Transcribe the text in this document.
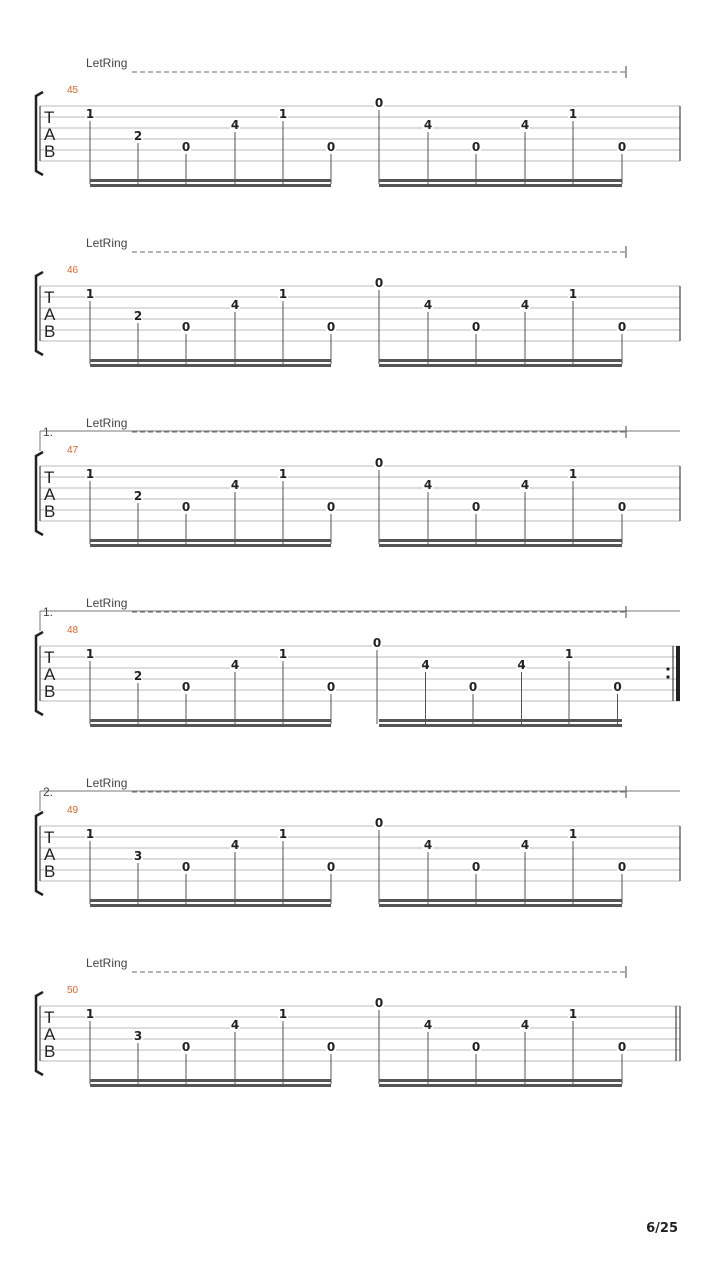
LetRing
45
T
A
B
1
2
0
4
1
0
0
4
0
4
1
0
LetRing
46
T
A
B
1
2
0
4
1
0
0
4
0
4
1
0
1.
LetRing
47
T
A
B
1
2
0
4
1
0
0
4
0
4
1
0
1.
LetRing
48
T
A
B
1
2
0
4
1
0
0
4
0
4
1
0
2.
LetRing
49
T
A
B
1
3
0
4
1
0
0
4
0
4
1
0
LetRing
50
T
A
B
1
3
0
4
1
0
0
4
0
4
1
0
6/25
